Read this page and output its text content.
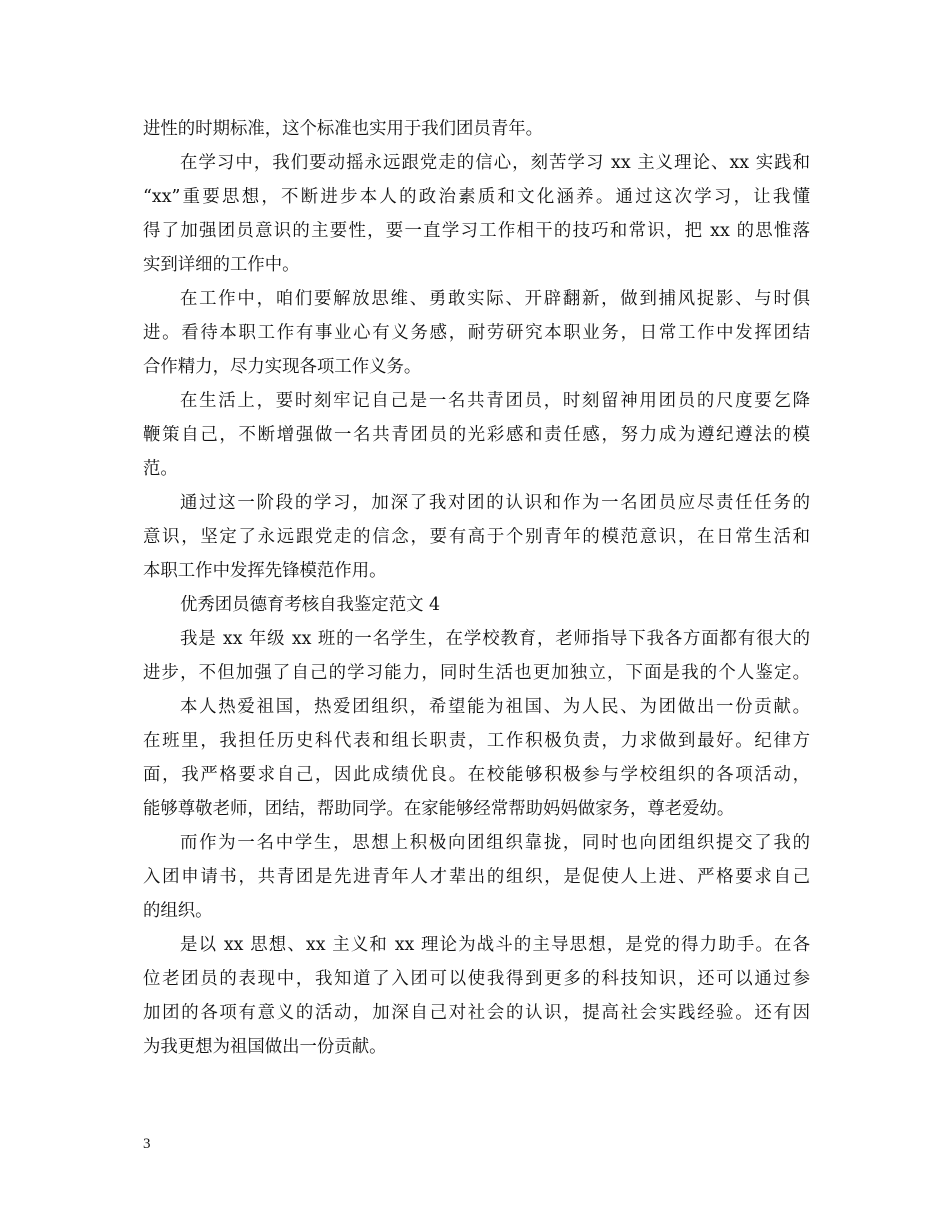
进性的时期标准，这个标准也实用于我们团员青年。
在学习中，我们要动摇永远跟党走的信心，刻苦学习 xx 主义理论、xx 实践和
“xx”重要思想，不断进步本人的政治素质和文化涵养。通过这次学习，让我懂
得了加强团员意识的主要性，要一直学习工作相干的技巧和常识，把 xx 的思惟落
实到详细的工作中。
在工作中，咱们要解放思维、勇敢实际、开辟翻新，做到捕风捉影、与时俱
进。看待本职工作有事业心有义务感，耐劳研究本职业务，日常工作中发挥团结
合作精力，尽力实现各项工作义务。
在生活上，要时刻牢记自己是一名共青团员，时刻留神用团员的尺度要乞降
鞭策自己，不断增强做一名共青团员的光彩感和责任感，努力成为遵纪遵法的模
范。
通过这一阶段的学习，加深了我对团的认识和作为一名团员应尽责任任务的
意识，坚定了永远跟党走的信念，要有高于个别青年的模范意识，在日常生活和
本职工作中发挥先锋模范作用。
优秀团员德育考核自我鉴定范文 4
我是 xx 年级 xx 班的一名学生，在学校教育，老师指导下我各方面都有很大的
进步，不但加强了自己的学习能力，同时生活也更加独立，下面是我的个人鉴定。
本人热爱祖国，热爱团组织，希望能为祖国、为人民、为团做出一份贡献。
在班里，我担任历史科代表和组长职责，工作积极负责，力求做到最好。纪律方
面，我严格要求自己，因此成绩优良。在校能够积极参与学校组织的各项活动，
能够尊敬老师，团结，帮助同学。在家能够经常帮助妈妈做家务，尊老爱幼。
而作为一名中学生，思想上积极向团组织靠拢，同时也向团组织提交了我的
入团申请书，共青团是先进青年人才辈出的组织，是促使人上进、严格要求自己
的组织。
是以 xx 思想、xx 主义和 xx 理论为战斗的主导思想，是党的得力助手。在各
位老团员的表现中，我知道了入团可以使我得到更多的科技知识，还可以通过参
加团的各项有意义的活动，加深自己对社会的认识，提高社会实践经验。还有因
为我更想为祖国做出一份贡献。
3
